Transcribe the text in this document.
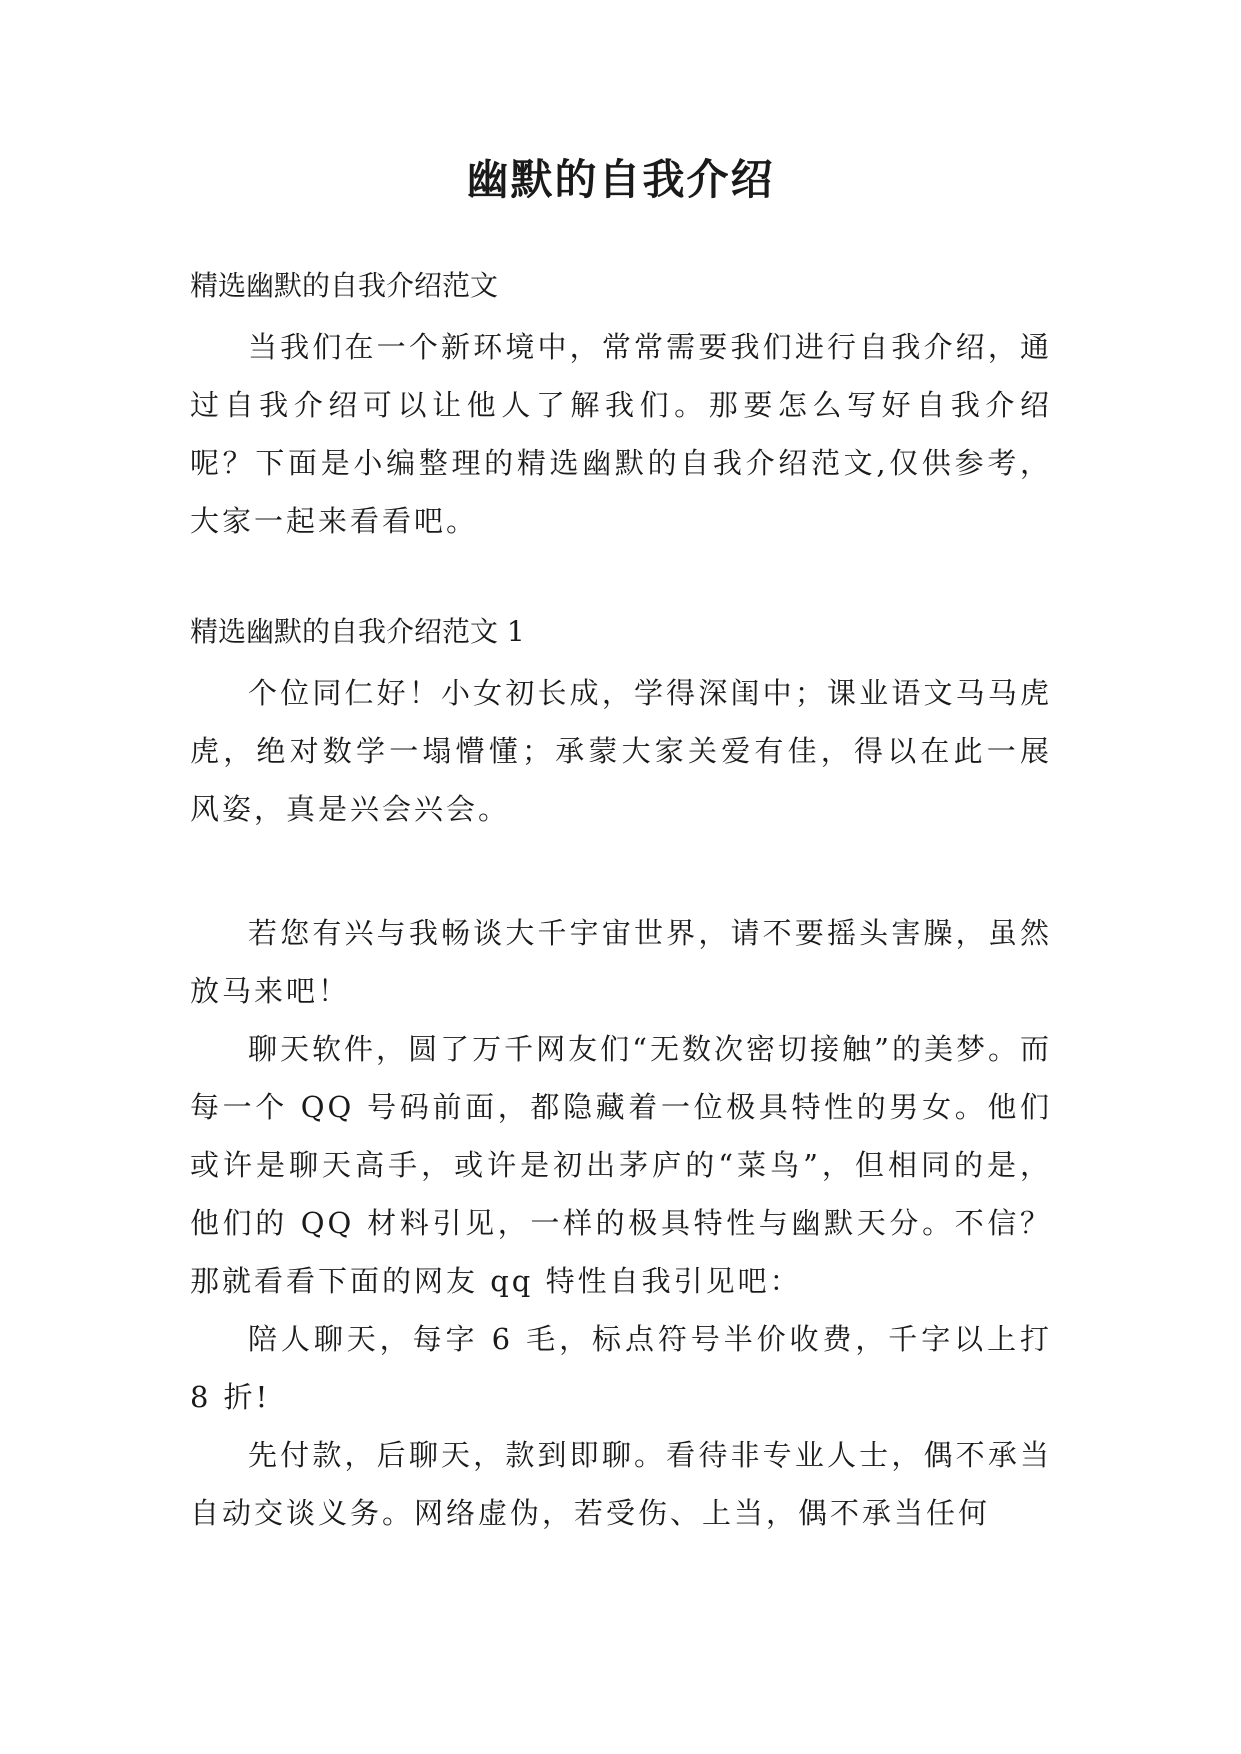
幽默的自我介绍

精选幽默的自我介绍范文

当我们在一个新环境中，常常需要我们进行自我介绍，通过自我介绍可以让他人了解我们。那要怎么写好自我介绍呢？下面是小编整理的精选幽默的自我介绍范文,仅供参考，大家一起来看看吧。

精选幽默的自我介绍范文 1

个位同仁好！小女初长成，学得深闺中；课业语文马马虎虎，绝对数学一塌懵懂；承蒙大家关爱有佳，得以在此一展风姿，真是兴会兴会。

若您有兴与我畅谈大千宇宙世界，请不要摇头害臊，虽然放马来吧！

聊天软件，圆了万千网友们“无数次密切接触”的美梦。而每一个 QQ 号码前面，都隐藏着一位极具特性的男女。他们或许是聊天高手，或许是初出茅庐的“菜鸟”，但相同的是，他们的 QQ 材料引见，一样的极具特性与幽默天分。不信？那就看看下面的网友 qq 特性自我引见吧：

陪人聊天，每字 6 毛，标点符号半价收费，千字以上打 8 折!

先付款，后聊天，款到即聊。看待非专业人士，偶不承当自动交谈义务。网络虚伪，若受伤、上当，偶不承当任何
